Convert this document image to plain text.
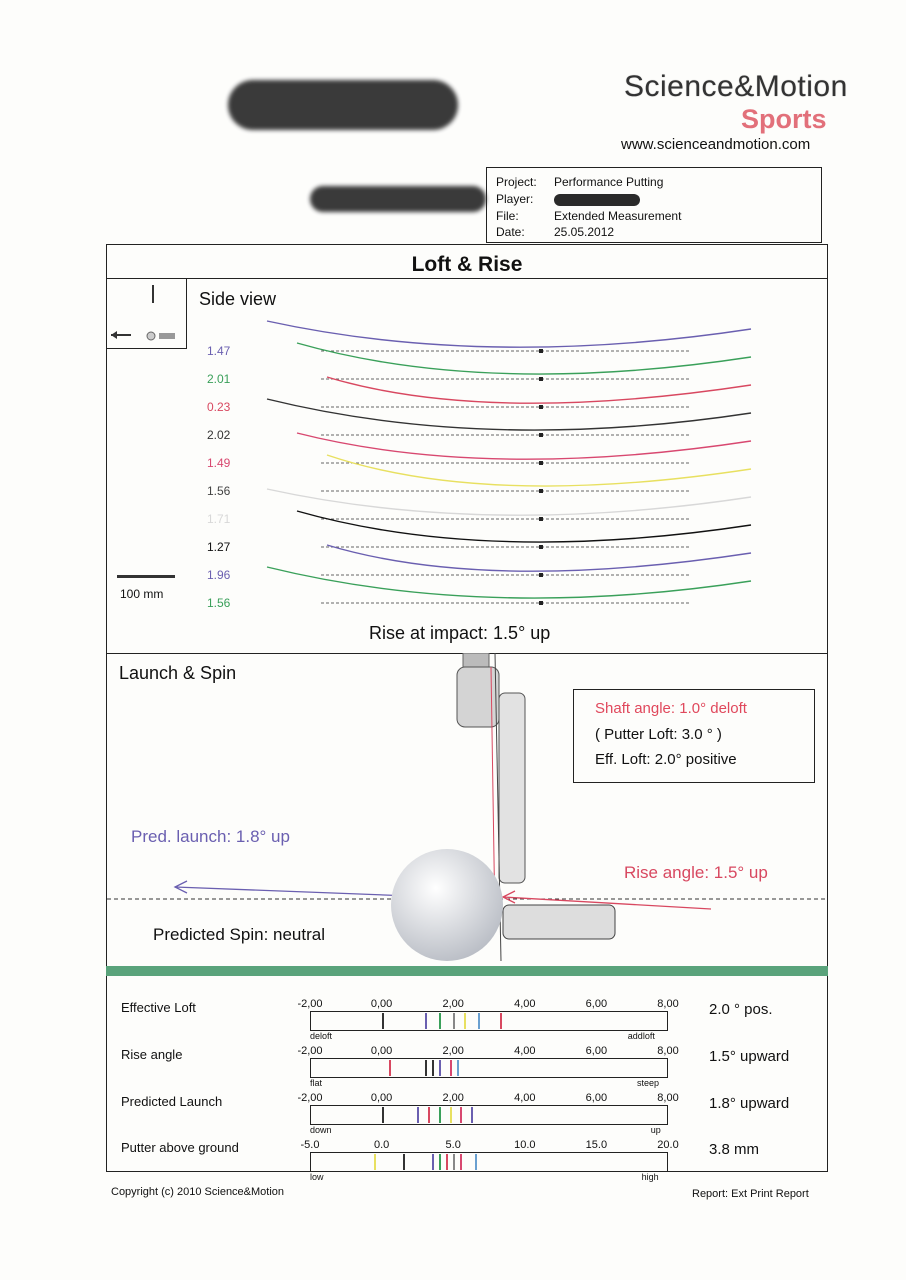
Science&Motion
Sports
www.scienceandmotion.com
Project: Performance Putting
Player:
File:	Extended Measurement
Date: 25.05.2012
Loft & Rise
Side view
1.47
2.01
0.23
2.02
1.49
1.56
1.71
1.27
1.96
1.56
100 mm
Rise at impact: 1.5° up
Launch & Spin
Shaft angle: 1.0° deloft
( Putter Loft: 3.0 ° )
Eff. Loft: 2.0° positive
Pred. launch: 1.8° up
Rise angle: 1.5° up
Predicted Spin: neutral
Effective Loft	2.0 ° pos.
Rise angle	1.5° upward
Predicted Launch	1.8° upward
Putter above ground	3.8 mm
-2,00	0,00	2,00	4,00	6,00	8,00
deloft	addloft
-2,00	0,00	2,00	4,00	6,00	8,00
flat	steep
-2,00	0,00	2,00	4,00	6,00	8,00
down	up
-5.0	0.0	5.0	10.0	15.0	20.0
low	high
Copyright (c) 2010 Science&Motion	Report: Ext Print Report
